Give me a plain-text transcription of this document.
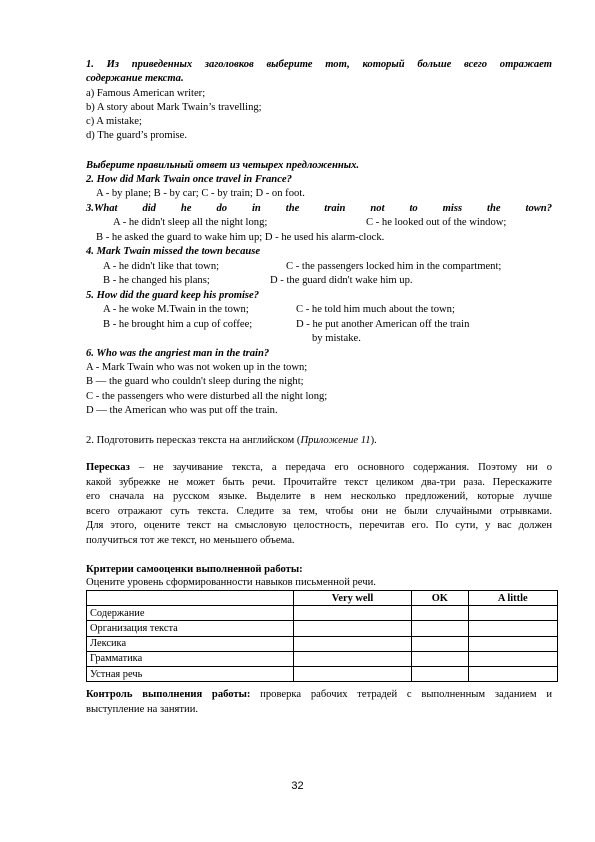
1. Из приведенных заголовков выберите тот, который больше всего отражает
содержание текста.
a) Famous American writer;
b) A story about Mark Twain’s travelling;
c) A mistake;
d) The guard’s promise.
Выберите правильный ответ из четырех предложенных.
2. How did Mark Twain once travel in France?
A - by plane; B - by car; C - by train; D - on foot.
3.What did he do in the train not to miss the town?
A - he didn't sleep all the night long;	C - he looked out of the window;
B - he asked the guard to wake him up; D - he used his alarm-clock.
4. Mark Twain missed the town because
A - he didn't like that town;	C - the passengers locked him in the compartment;
B - he changed his plans;	D - the guard didn't wake him up.
5. How did the guard keep his promise?
A - he woke M.Twain in the town;	C - he told him much about the town;
B - he brought him a cup of coffee;	D - he put another American off the train
by mistake.
6. Who was the angriest man in the train?
A - Mark Twain who was not woken up in the town;
B — the guard who couldn't sleep during the night;
C - the passengers who were disturbed all the night long;
D — the American who was put off the train.
2. Подготовить пересказ текста на английском (Приложение 11).
Пересказ – не заучивание текста, а передача его основного содержания. Поэтому ни о
какой зубрежке не может быть речи. Прочитайте текст целиком два-три раза. Перескажите
его сначала на русском языке. Выделите в нем несколько предложений, которые лучше
всего отражают суть текста. Следите за тем, чтобы они не были случайными отрывками.
Для этого, оцените текст на смысловую целостность, перечитав его. По сути, у вас должен
получиться тот же текст, но меньшего объема.
Критерии самооценки выполненной работы:
Оцените уровень сформированности навыков письменной речи.
	Very well	OK	A little
Содержание			
Организация текста			
Лексика			
Грамматика			
Устная речь			
Контроль выполнения работы: проверка рабочих тетрадей с выполненным заданием и
выступление на занятии.
32
